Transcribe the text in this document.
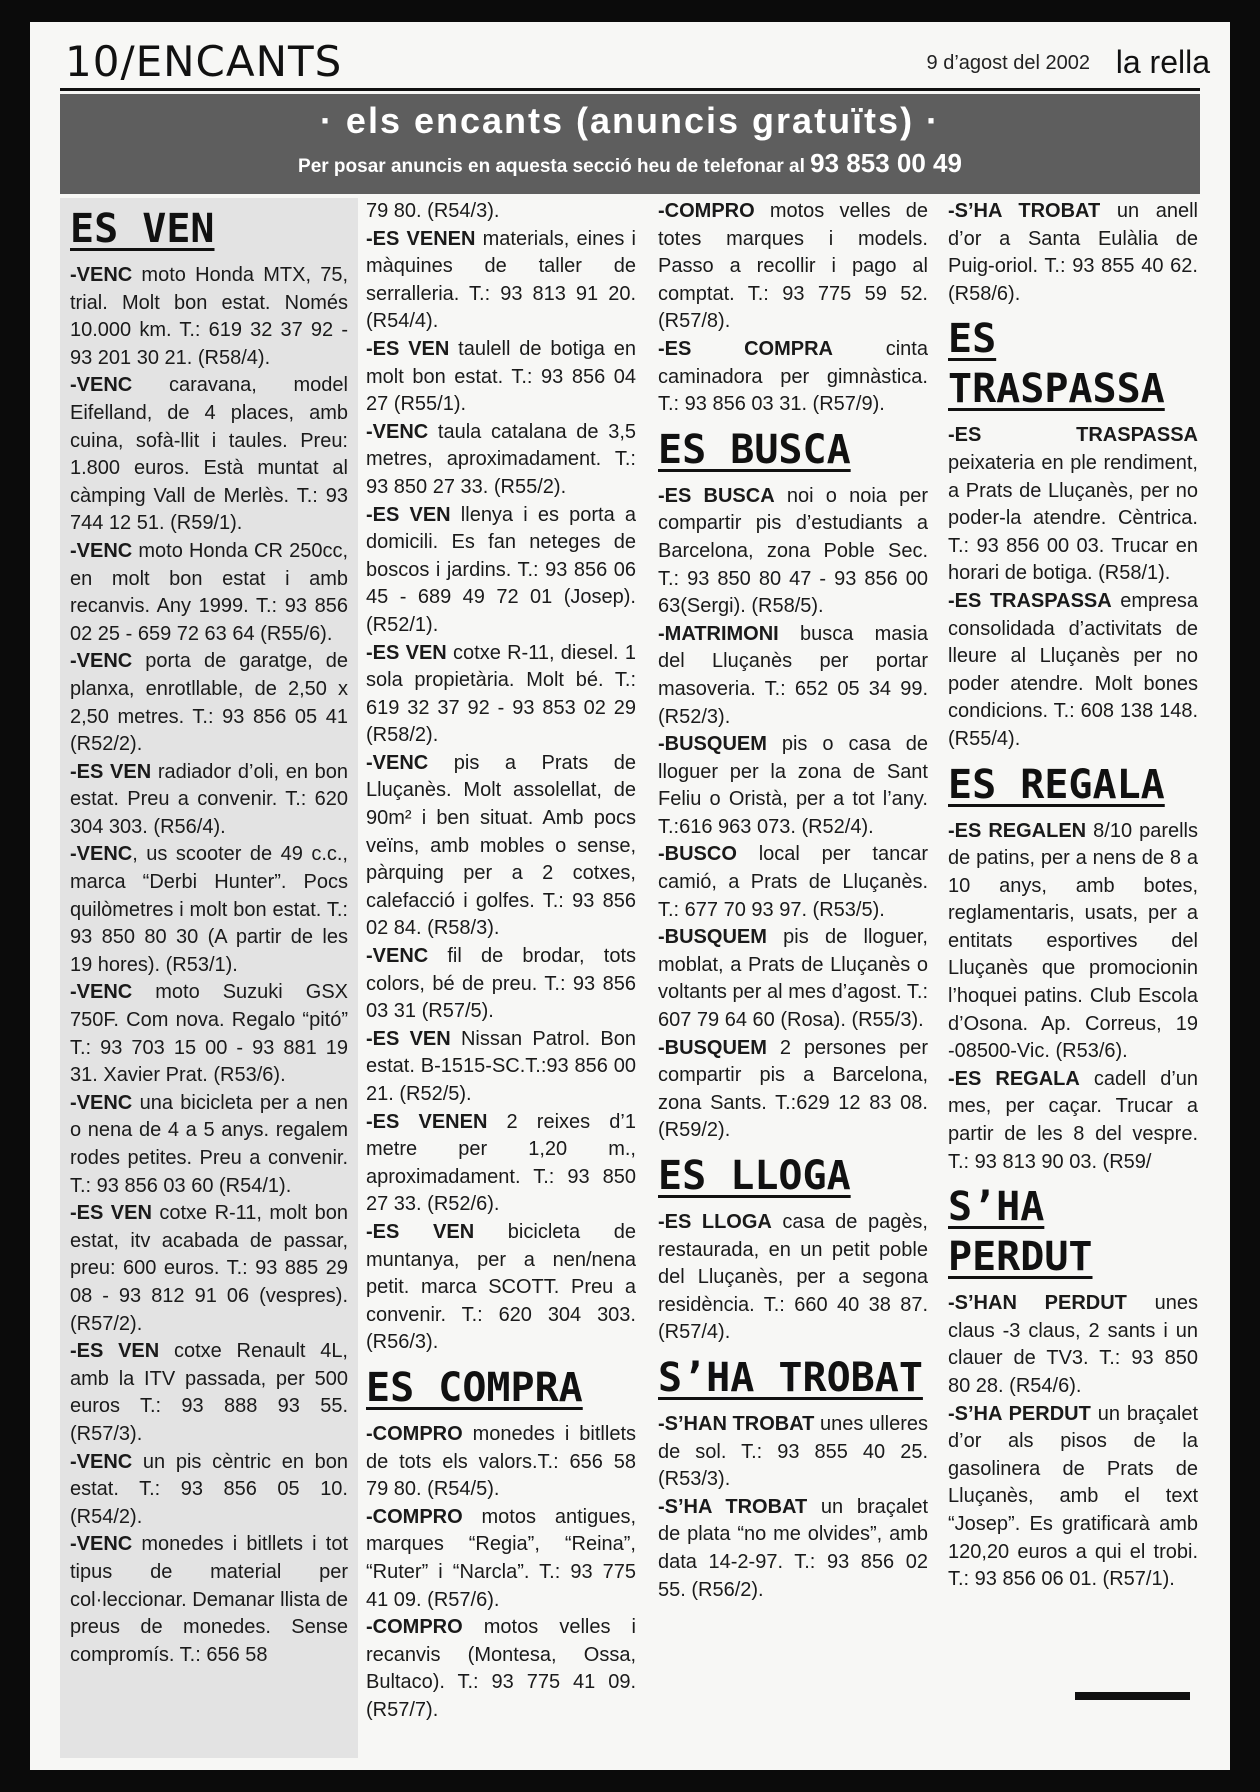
10/ENCANTS	9 d’agost del 2002 la rella
· els encants (anuncis gratuïts) ·
Per posar anuncis en aquesta secció heu de telefonar al 93 853 00 49
ES VEN
-VENC moto Honda MTX, 75, trial. Molt bon estat. Només 10.000 km. T.: 619 32 37 92 - 93 201 30 21. (R58/4).
-VENC caravana, model Eifelland, de 4 places, amb cuina, sofà-llit i taules. Preu: 1.800 euros. Està muntat al càmping Vall de Merlès. T.: 93 744 12 51. (R59/1).
-VENC moto Honda CR 250cc, en molt bon estat i amb recanvis. Any 1999. T.: 93 856 02 25 - 659 72 63 64 (R55/6).
-VENC porta de garatge, de planxa, enrotllable, de 2,50 x 2,50 metres. T.: 93 856 05 41 (R52/2).
-ES VEN radiador d’oli, en bon estat. Preu a convenir. T.: 620 304 303. (R56/4).
-VENC, us scooter de 49 c.c., marca “Derbi Hunter”. Pocs quilòmetres i molt bon estat. T.: 93 850 80 30 (A partir de les 19 hores). (R53/1).
-VENC moto Suzuki GSX 750F. Com nova. Regalo “pitó” T.: 93 703 15 00 - 93 881 19 31. Xavier Prat. (R53/6).
-VENC una bicicleta per a nen o nena de 4 a 5 anys. regalem rodes petites. Preu a convenir. T.: 93 856 03 60 (R54/1).
-ES VEN cotxe R-11, molt bon estat, itv acabada de passar, preu: 600 euros. T.: 93 885 29 08 - 93 812 91 06 (vespres). (R57/2).
-ES VEN cotxe Renault 4L, amb la ITV passada, per 500 euros T.: 93 888 93 55. (R57/3).
-VENC un pis cèntric en bon estat. T.: 93 856 05 10. (R54/2).
-VENC monedes i bitllets i tot tipus de material per col·leccionar. Demanar llista de preus de monedes. Sense compromís. T.: 656 58
79 80. (R54/3).
-ES VENEN materials, eines i màquines de taller de serralleria. T.: 93 813 91 20. (R54/4).
-ES VEN taulell de botiga en molt bon estat. T.: 93 856 04 27 (R55/1).
-VENC taula catalana de 3,5 metres, aproximadament. T.: 93 850 27 33. (R55/2).
-ES VEN llenya i es porta a domicili. Es fan neteges de boscos i jardins. T.: 93 856 06 45 - 689 49 72 01 (Josep). (R52/1).
-ES VEN cotxe R-11, diesel. 1 sola propietària. Molt bé. T.: 619 32 37 92 - 93 853 02 29 (R58/2).
-VENC pis a Prats de Lluçanès. Molt assolellat, de 90m² i ben situat. Amb pocs veïns, amb mobles o sense, pàrquing per a 2 cotxes, calefacció i golfes. T.: 93 856 02 84. (R58/3).
-VENC fil de brodar, tots colors, bé de preu. T.: 93 856 03 31 (R57/5).
-ES VEN Nissan Patrol. Bon estat. B-1515-SC.T.:93 856 00 21. (R52/5).
-ES VENEN 2 reixes d’1 metre per 1,20 m., aproximadament. T.: 93 850 27 33. (R52/6).
-ES VEN bicicleta de muntanya, per a nen/nena petit. marca SCOTT. Preu a convenir. T.: 620 304 303. (R56/3).
ES COMPRA
-COMPRO monedes i bitllets de tots els valors.T.: 656 58 79 80. (R54/5).
-COMPRO motos antigues, marques “Regia”, “Reina”, “Ruter” i “Narcla”. T.: 93 775 41 09. (R57/6).
-COMPRO motos velles i recanvis (Montesa, Ossa, Bultaco). T.: 93 775 41 09.(R57/7).
-COMPRO motos velles de totes marques i models. Passo a recollir i pago al comptat. T.: 93 775 59 52. (R57/8).
-ES COMPRA cinta caminadora per gimnàstica. T.: 93 856 03 31. (R57/9).
ES BUSCA
-ES BUSCA noi o noia per compartir pis d’estudiants a Barcelona, zona Poble Sec. T.: 93 850 80 47 - 93 856 00 63(Sergi). (R58/5).
-MATRIMONI busca masia del Lluçanès per portar masoveria. T.: 652 05 34 99. (R52/3).
-BUSQUEM pis o casa de lloguer per la zona de Sant Feliu o Oristà, per a tot l’any. T.:616 963 073. (R52/4).
-BUSCO local per tancar camió, a Prats de Lluçanès. T.: 677 70 93 97. (R53/5).
-BUSQUEM pis de lloguer, moblat, a Prats de Lluçanès o voltants per al mes d’agost. T.: 607 79 64 60 (Rosa). (R55/3).
-BUSQUEM 2 persones per compartir pis a Barcelona, zona Sants. T.:629 12 83 08. (R59/2).
ES LLOGA
-ES LLOGA casa de pagès, restaurada, en un petit poble del Lluçanès, per a segona residència. T.: 660 40 38 87. (R57/4).
S’HA TROBAT
-S’HAN TROBAT unes ulleres de sol. T.: 93 855 40 25. (R53/3).
-S’HA TROBAT un braçalet de plata “no me olvides”, amb data 14-2-97. T.: 93 856 02 55. (R56/2).
-S’HA TROBAT un anell d’or a Santa Eulàlia de Puig-oriol. T.: 93 855 40 62. (R58/6).
ES TRASPASSA
-ES TRASPASSA peixateria en ple rendiment, a Prats de Lluçanès, per no poder-la atendre. Cèntrica. T.: 93 856 00 03. Trucar en horari de botiga. (R58/1).
-ES TRASPASSA empresa consolidada d’activitats de lleure al Lluçanès per no poder atendre. Molt bones condicions. T.: 608 138 148. (R55/4).
ES REGALA
-ES REGALEN 8/10 parells de patins, per a nens de 8 a 10 anys, amb botes, reglamentaris, usats, per a entitats esportives del Lluçanès que promocionin l’hoquei patins. Club Escola d’Osona. Ap. Correus, 19 -08500-Vic. (R53/6).
-ES REGALA cadell d’un mes, per caçar. Trucar a partir de les 8 del vespre. T.: 93 813 90 03. (R59/
S’HA PERDUT
-S’HAN PERDUT unes claus -3 claus, 2 sants i un clauer de TV3. T.: 93 850 80 28. (R54/6).
-S’HA PERDUT un braçalet d’or als pisos de la gasolinera de Prats de Lluçanès, amb el text “Josep”. Es gratificarà amb 120,20 euros a qui el trobi. T.: 93 856 06 01. (R57/1).
